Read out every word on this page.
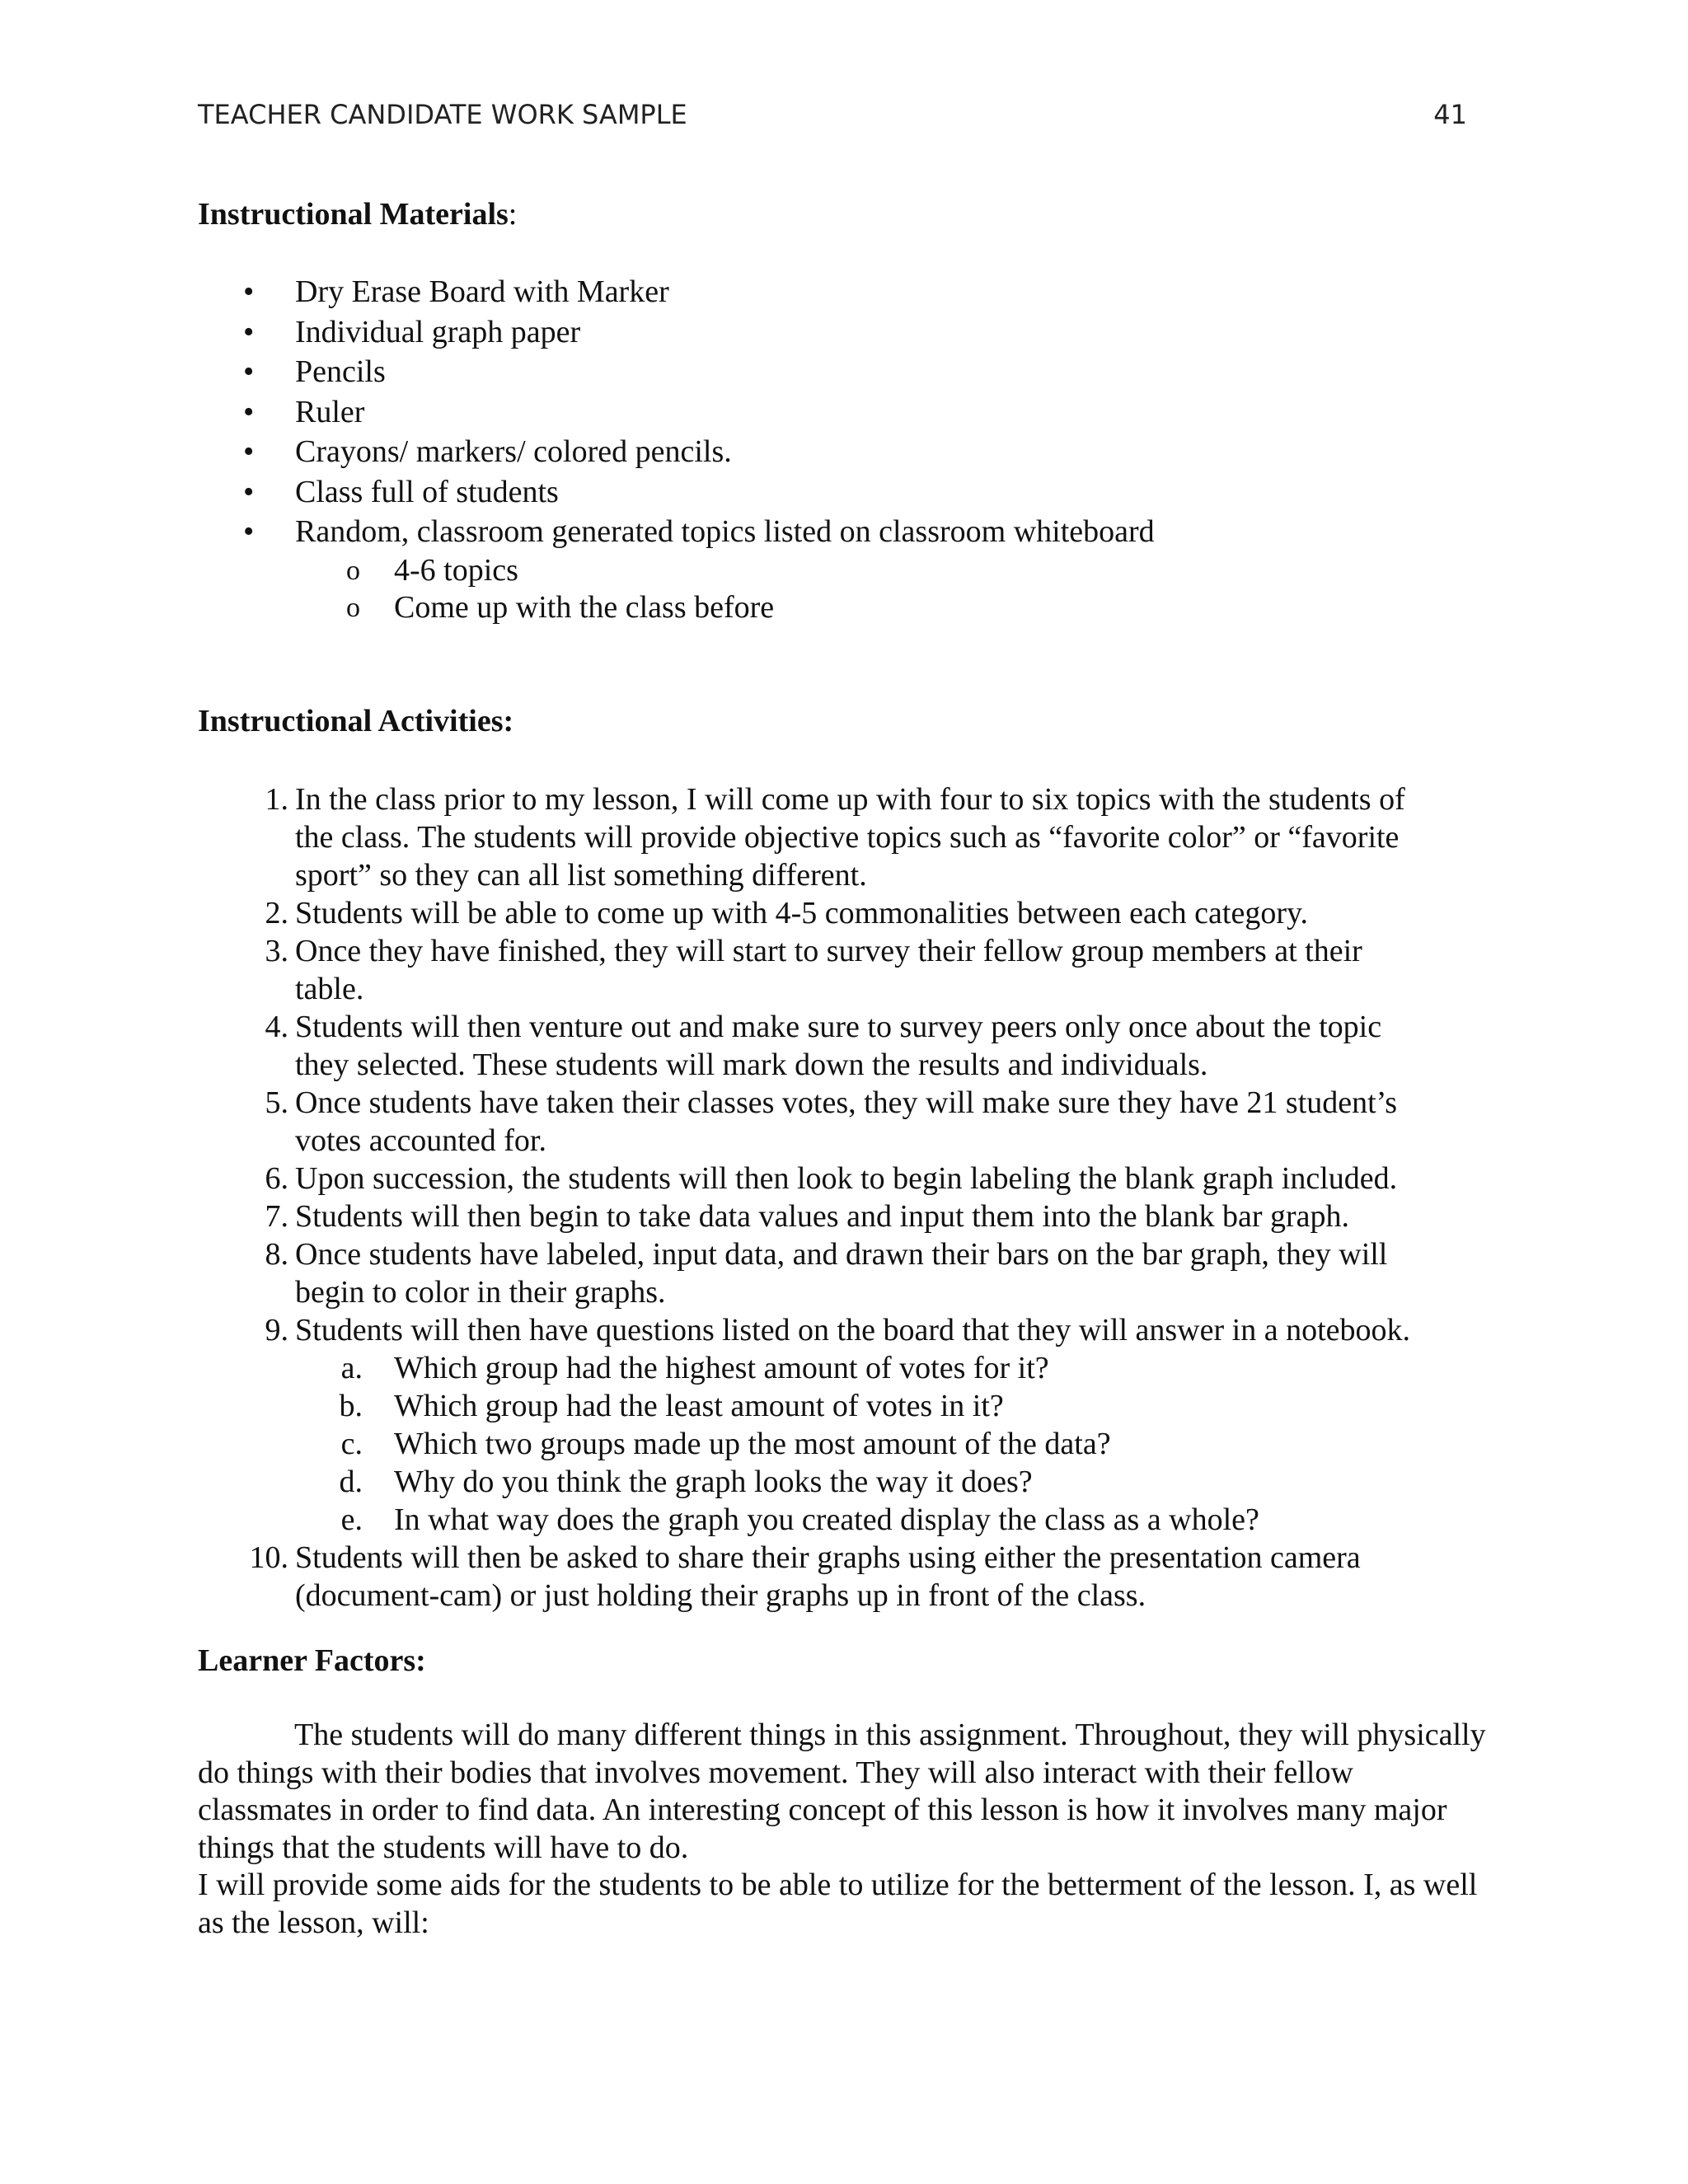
TEACHER CANDIDATE WORK SAMPLE	41
Instructional Materials:
• Dry Erase Board with Marker
• Individual graph paper
• Pencils
• Ruler
• Crayons/ markers/ colored pencils.
• Class full of students
• Random, classroom generated topics listed on classroom whiteboard
o 4-6 topics
o Come up with the class before
Instructional Activities:
1. In the class prior to my lesson, I will come up with four to six topics with the students of
the class. The students will provide objective topics such as “favorite color” or “favorite
sport” so they can all list something different.
2. Students will be able to come up with 4-5 commonalities between each category.
3. Once they have finished, they will start to survey their fellow group members at their
table.
4. Students will then venture out and make sure to survey peers only once about the topic
they selected. These students will mark down the results and individuals.
5. Once students have taken their classes votes, they will make sure they have 21 student’s
votes accounted for.
6. Upon succession, the students will then look to begin labeling the blank graph included.
7. Students will then begin to take data values and input them into the blank bar graph.
8. Once students have labeled, input data, and drawn their bars on the bar graph, they will
begin to color in their graphs.
9. Students will then have questions listed on the board that they will answer in a notebook.
a.	Which group had the highest amount of votes for it?
b.	Which group had the least amount of votes in it?
c.	Which two groups made up the most amount of the data?
d.	Why do you think the graph looks the way it does?
e.	In what way does the graph you created display the class as a whole?
10. Students will then be asked to share their graphs using either the presentation camera
(document-cam) or just holding their graphs up in front of the class.
Learner Factors:

The students will do many different things in this assignment. Throughout, they will physically do things with their bodies that involves movement. They will also interact with their fellow classmates in order to find data. An interesting concept of this lesson is how it involves many major things that the students will have to do.

I will provide some aids for the students to be able to utilize for the betterment of the lesson. I, as well as the lesson, will:
